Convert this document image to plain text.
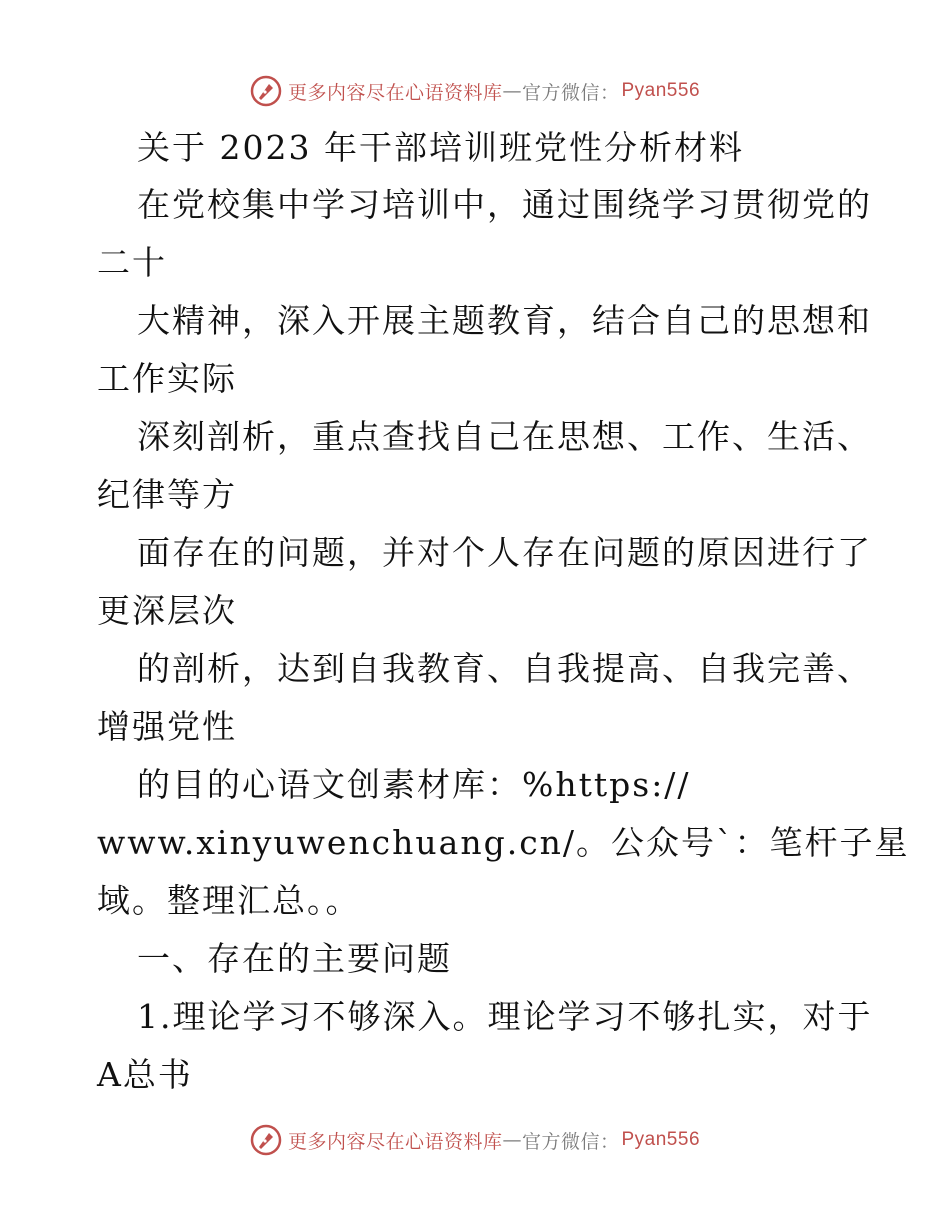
更多内容尽在心语资料库 — 官方微信： Pyan556
关于 2023 年干部培训班党性分析材料
在党校集中学习培训中，通过围绕学习贯彻党的
二十
大精神，深入开展主题教育，结合自己的思想和
工作实际
深刻剖析，重点查找自己在思想、工作、生活、
纪律等方
面存在的问题，并对个人存在问题的原因进行了
更深层次
的剖析，达到自我教育、自我提高、自我完善、
增强党性
的目的心语文创素材库：%https://
www.xinyuwenchuang.cn/。公众号`：笔杆子星
域。整理汇总。。
一、存在的主要问题
1.理论学习不够深入。理论学习不够扎实，对于
A总书
更多内容尽在心语资料库 — 官方微信： Pyan556
